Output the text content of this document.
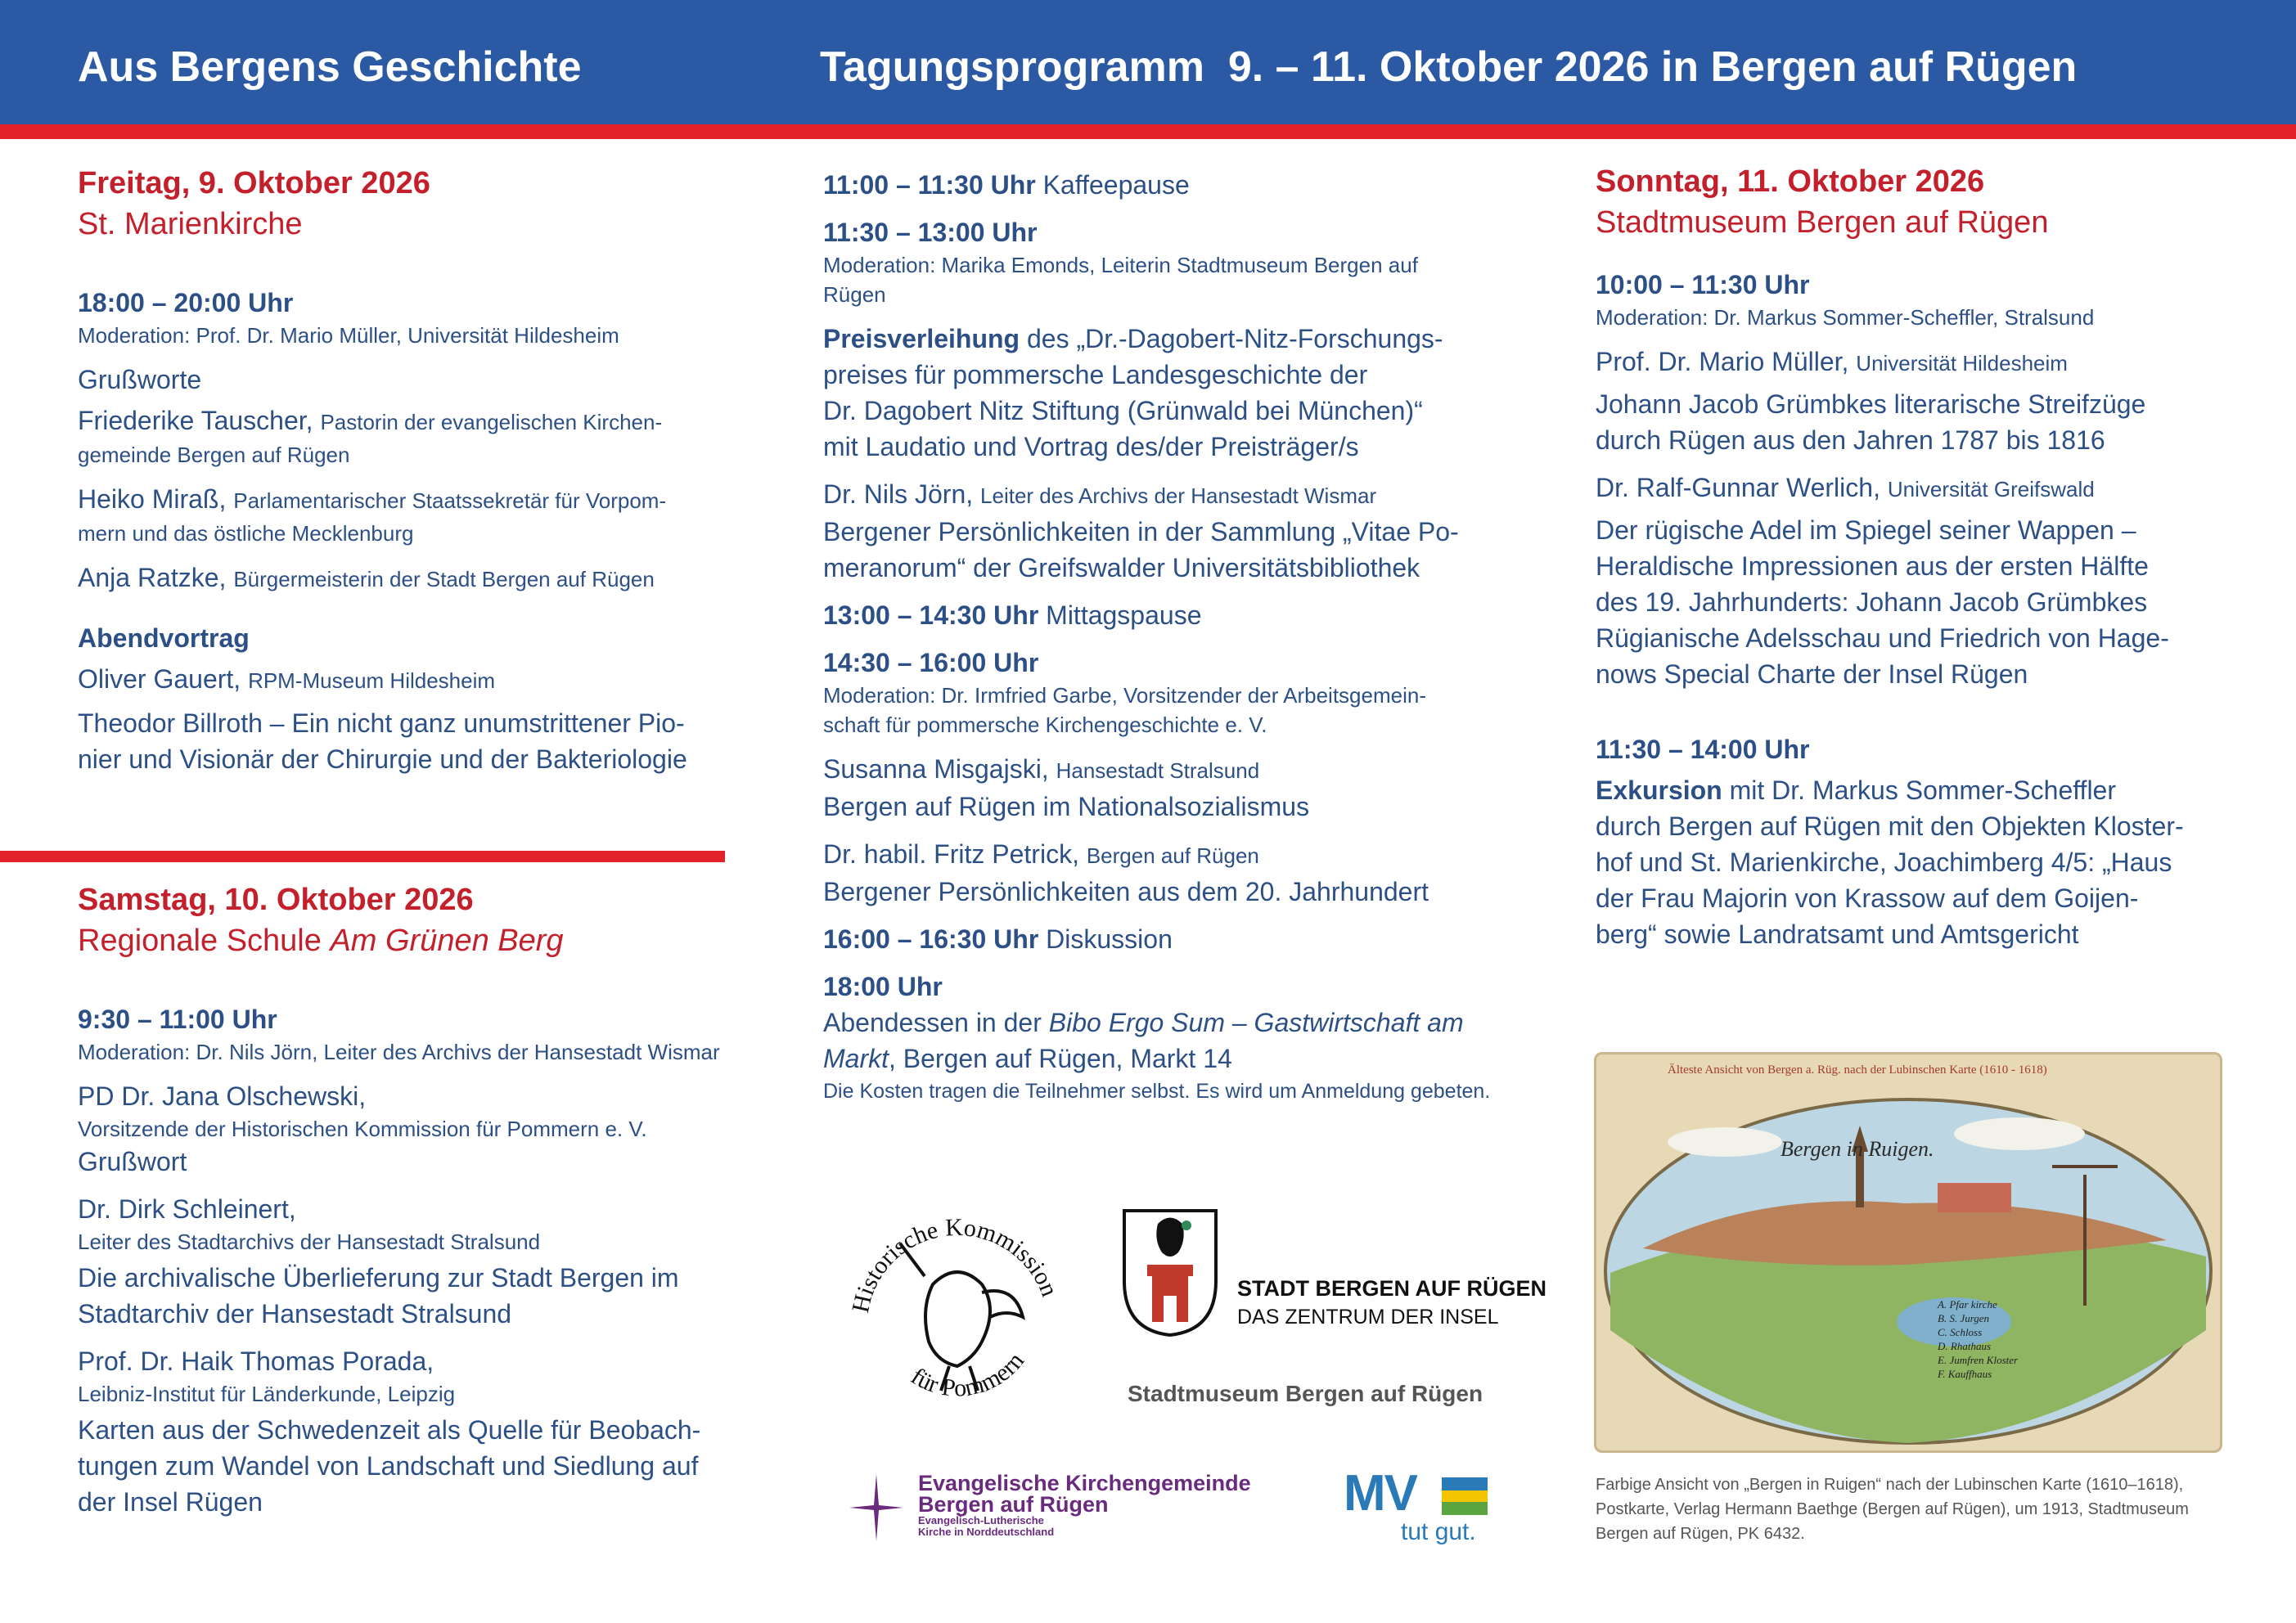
Aus Bergens Geschichte	Tagungsprogramm  9. – 11. Oktober 2026 in Bergen auf Rügen

Freitag, 9. Oktober 2026

St. Marienkirche

18:00 – 20:00 Uhr

Moderation: Prof. Dr. Mario Müller, Universität Hildesheim

Grußworte

Friederike Tauscher, Pastorin der evangelischen Kirchen-

gemeinde Bergen auf Rügen

Heiko Miraß, Parlamentarischer Staatssekretär für Vorpom-

mern und das östliche Mecklenburg

Anja Ratzke, Bürgermeisterin der Stadt Bergen auf Rügen

Abendvortrag

Oliver Gauert, RPM-Museum Hildesheim

Theodor Billroth – Ein nicht ganz unumstrittener Pio-

nier und Visionär der Chirurgie und der Bakteriologie

Samstag, 10. Oktober 2026

Regionale Schule Am Grünen Berg

9:30 – 11:00 Uhr

Moderation: Dr. Nils Jörn, Leiter des Archivs der Hansestadt Wismar

PD Dr. Jana Olschewski,

Vorsitzende der Historischen Kommission für Pommern e. V.

Grußwort

Dr. Dirk Schleinert,

Leiter des Stadtarchivs der Hansestadt Stralsund

Die archivalische Überlieferung zur Stadt Bergen im

Stadtarchiv der Hansestadt Stralsund

Prof. Dr. Haik Thomas Porada,

Leibniz-Institut für Länderkunde, Leipzig

Karten aus der Schwedenzeit als Quelle für Beobach-

tungen zum Wandel von Landschaft und Siedlung auf

der Insel Rügen

11:00 – 11:30 Uhr Kaffeepause

11:30 – 13:00 Uhr

Moderation: Marika Emonds, Leiterin Stadtmuseum Bergen auf

Rügen

Preisverleihung des „Dr.-Dagobert-Nitz-Forschungs-

preises für pommersche Landesgeschichte der

Dr. Dagobert Nitz Stiftung (Grünwald bei München)“

mit Laudatio und Vortrag des/der Preisträger/s

Dr. Nils Jörn, Leiter des Archivs der Hansestadt Wismar

Bergener Persönlichkeiten in der Sammlung „Vitae Po-

meranorum“ der Greifswalder Universitätsbibliothek

13:00 – 14:30 Uhr Mittagspause

14:30 – 16:00 Uhr

Moderation: Dr. Irmfried Garbe, Vorsitzender der Arbeitsgemein-

schaft für pommersche Kirchengeschichte e. V.

Susanna Misgajski, Hansestadt Stralsund

Bergen auf Rügen im Nationalsozialismus

Dr. habil. Fritz Petrick, Bergen auf Rügen

Bergener Persönlichkeiten aus dem 20. Jahrhundert

16:00 – 16:30 Uhr Diskussion

18:00 Uhr

Abendessen in der Bibo Ergo Sum – Gastwirtschaft am

Markt, Bergen auf Rügen, Markt 14

Die Kosten tragen die Teilnehmer selbst. Es wird um Anmeldung gebeten.

Historische Kommission
für Pommern
STADT BERGEN AUF RÜGEN
DAS ZENTRUM DER INSEL
Stadtmuseum Bergen auf Rügen
Evangelische Kirchengemeinde
Bergen auf Rügen
Evangelisch-Lutherische
Kirche in Norddeutschland
MV
tut gut.

Sonntag, 11. Oktober 2026

Stadtmuseum Bergen auf Rügen

10:00 – 11:30 Uhr

Moderation: Dr. Markus Sommer-Scheffler, Stralsund

Prof. Dr. Mario Müller, Universität Hildesheim

Johann Jacob Grümbkes literarische Streifzüge

durch Rügen aus den Jahren 1787 bis 1816

Dr. Ralf-Gunnar Werlich, Universität Greifswald

Der rügische Adel im Spiegel seiner Wappen –

Heraldische Impressionen aus der ersten Hälfte

des 19. Jahrhunderts: Johann Jacob Grümbkes

Rügianische Adelsschau und Friedrich von Hage-

nows Special Charte der Insel Rügen

11:30 – 14:00 Uhr

Exkursion mit Dr. Markus Sommer-Scheffler

durch Bergen auf Rügen mit den Objekten Kloster-

hof und St. Marienkirche, Joachimberg 4/5: „Haus

der Frau Majorin von Krassow auf dem Goijen-

berg“ sowie Landratsamt und Amtsgericht

Älteste Ansicht von Bergen a. Rüg. nach der Lubinschen Karte (1610 - 1618)
Bergen in Ruigen.
A. Pfar kirche
B. S. Jurgen
C. Schloss
D. Rhathaus
E. Jumfren Kloster
F. Kauffhaus
Farbige Ansicht von „Bergen in Ruigen“ nach der Lubinschen Karte (1610–1618),
Postkarte, Verlag Hermann Baethge (Bergen auf Rügen), um 1913, Stadtmuseum
Bergen auf Rügen, PK 6432.
